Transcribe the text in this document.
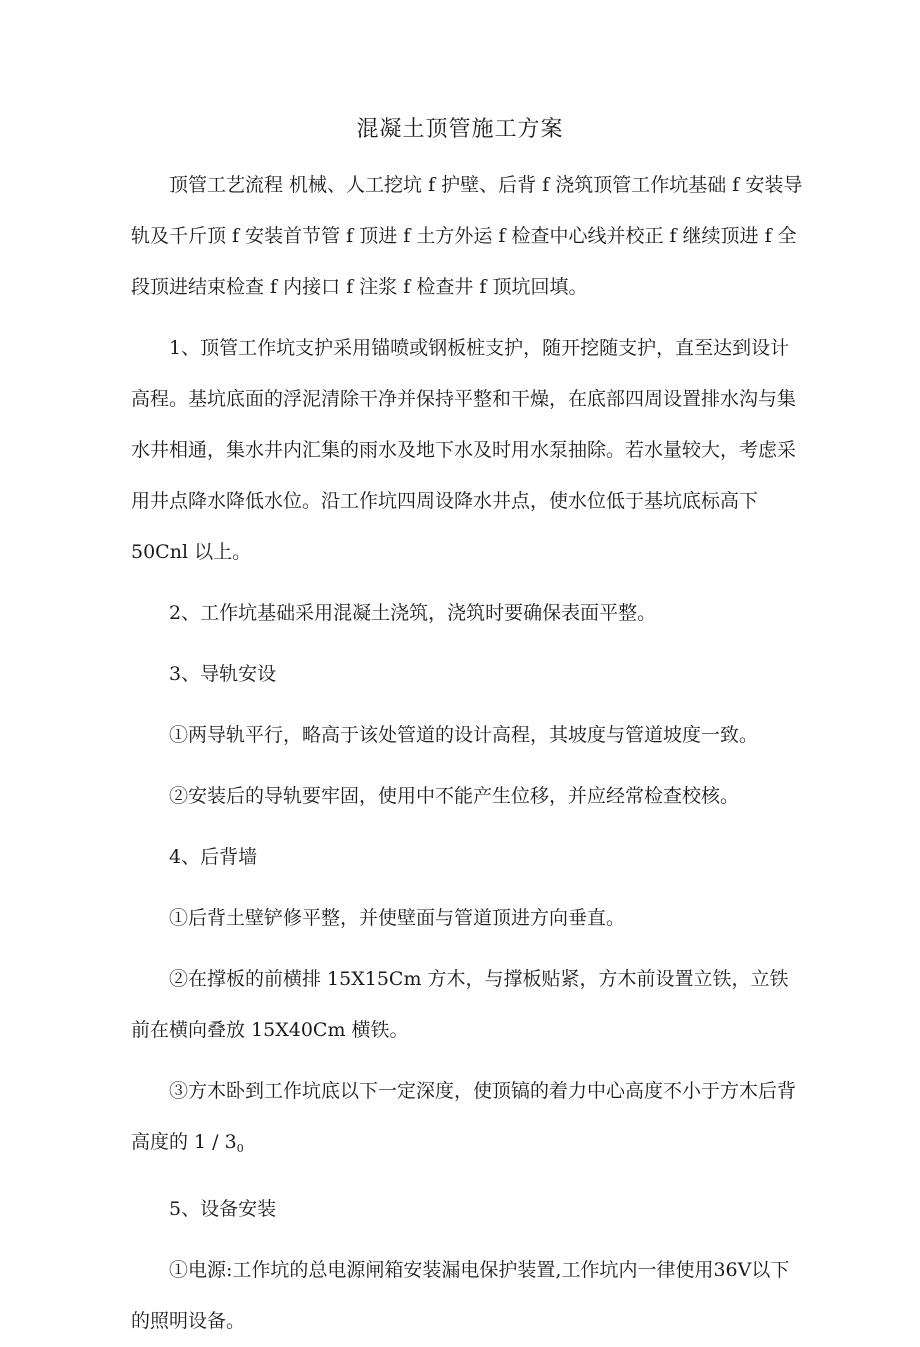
混凝土顶管施工方案

顶管工艺流程 机械、人工挖坑 f 护壁、后背 f 浇筑顶管工作坑基础 f 安装导轨及千斤顶 f 安装首节管 f 顶进 f 土方外运 f 检查中心线并校正 f 继续顶进 f 全段顶进结束检查 f 内接口 f 注浆 f 检查井 f 顶坑回填。

1、顶管工作坑支护采用锚喷或钢板桩支护，随开挖随支护，直至达到设计高程。基坑底面的浮泥清除干净并保持平整和干燥，在底部四周设置排水沟与集水井相通，集水井内汇集的雨水及地下水及时用水泵抽除。若水量较大，考虑采用井点降水降低水位。沿工作坑四周设降水井点，使水位低于基坑底标高下 50Cnl 以上。

2、工作坑基础采用混凝土浇筑，浇筑时要确保表面平整。

3、导轨安设

①两导轨平行，略高于该处管道的设计高程，其坡度与管道坡度一致。

②安装后的导轨要牢固，使用中不能产生位移，并应经常检查校核。

4、后背墙

①后背土壁铲修平整，并使壁面与管道顶进方向垂直。

②在撑板的前横排 15X15Cm 方木，与撑板贴紧，方木前设置立铁，立铁前在横向叠放 15X40Cm 横铁。

③方木卧到工作坑底以下一定深度，使顶镐的着力中心高度不小于方木后背高度的 $1 / 3_0$

5、设备安装

①电源:工作坑的总电源闸箱安装漏电保护装置,工作坑内一律使用36V以下的照明设备。
